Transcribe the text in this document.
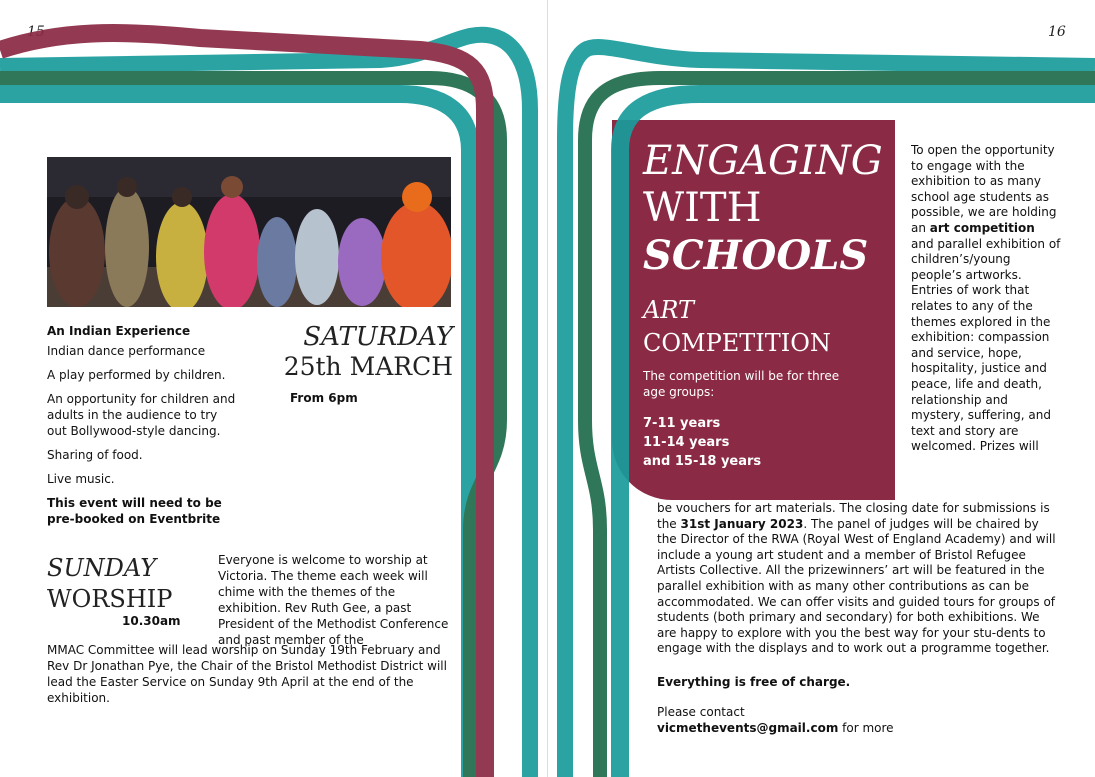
15

An Indian Experience

Indian dance performance

A play performed by children.

An opportunity for children and adults in the audience to try out Bollywood-style dancing.

Sharing of food.

Live music.

This event will need to be pre-booked on Eventbrite

SATURDAY
25th MARCH
From 6pm
SUNDAY
WORSHIP
10.30am
Everyone is welcome to worship at Victoria. The theme each week will chime with the themes of the exhibition. Rev Ruth Gee, a past President of the Methodist Conference and past member of the
MMAC Committee will lead worship on Sunday 19th February and Rev Dr Jonathan Pye, the Chair of the Bristol Methodist District will lead the Easter Service on Sunday 9th April at the end of the exhibition.
16
ENGAGING
WITH
SCHOOLS
ART
COMPETITION
The competition will be for three age groups:
7-11 years
11-14 years
and 15-18 years
To open the opportunity to engage with the exhibition to as many school age students as possible, we are holding an art competition and parallel exhibition of children’s/young people’s artworks. Entries of work that relates to any of the themes explored in the exhibition: compassion and service, hope, hospitality, justice and peace, life and death, relationship and mystery, suffering, and text and story are welcomed. Prizes will
be vouchers for art materials. The closing date for submissions is the 31st January 2023. The panel of judges will be chaired by the Director of the RWA (Royal West of England Academy) and will include a young art student and a member of Bristol Refugee Artists Collective. All the prizewinners’ art will be featured in the parallel exhibition with as many other contributions as can be accommodated. We can offer visits and guided tours for groups of students (both primary and secondary) for both exhibitions. We are happy to explore with you the best way for your stu-dents to engage with the displays and to work out a programme together.
Everything is free of charge.
Please contact
vicmethevents@gmail.com for more
